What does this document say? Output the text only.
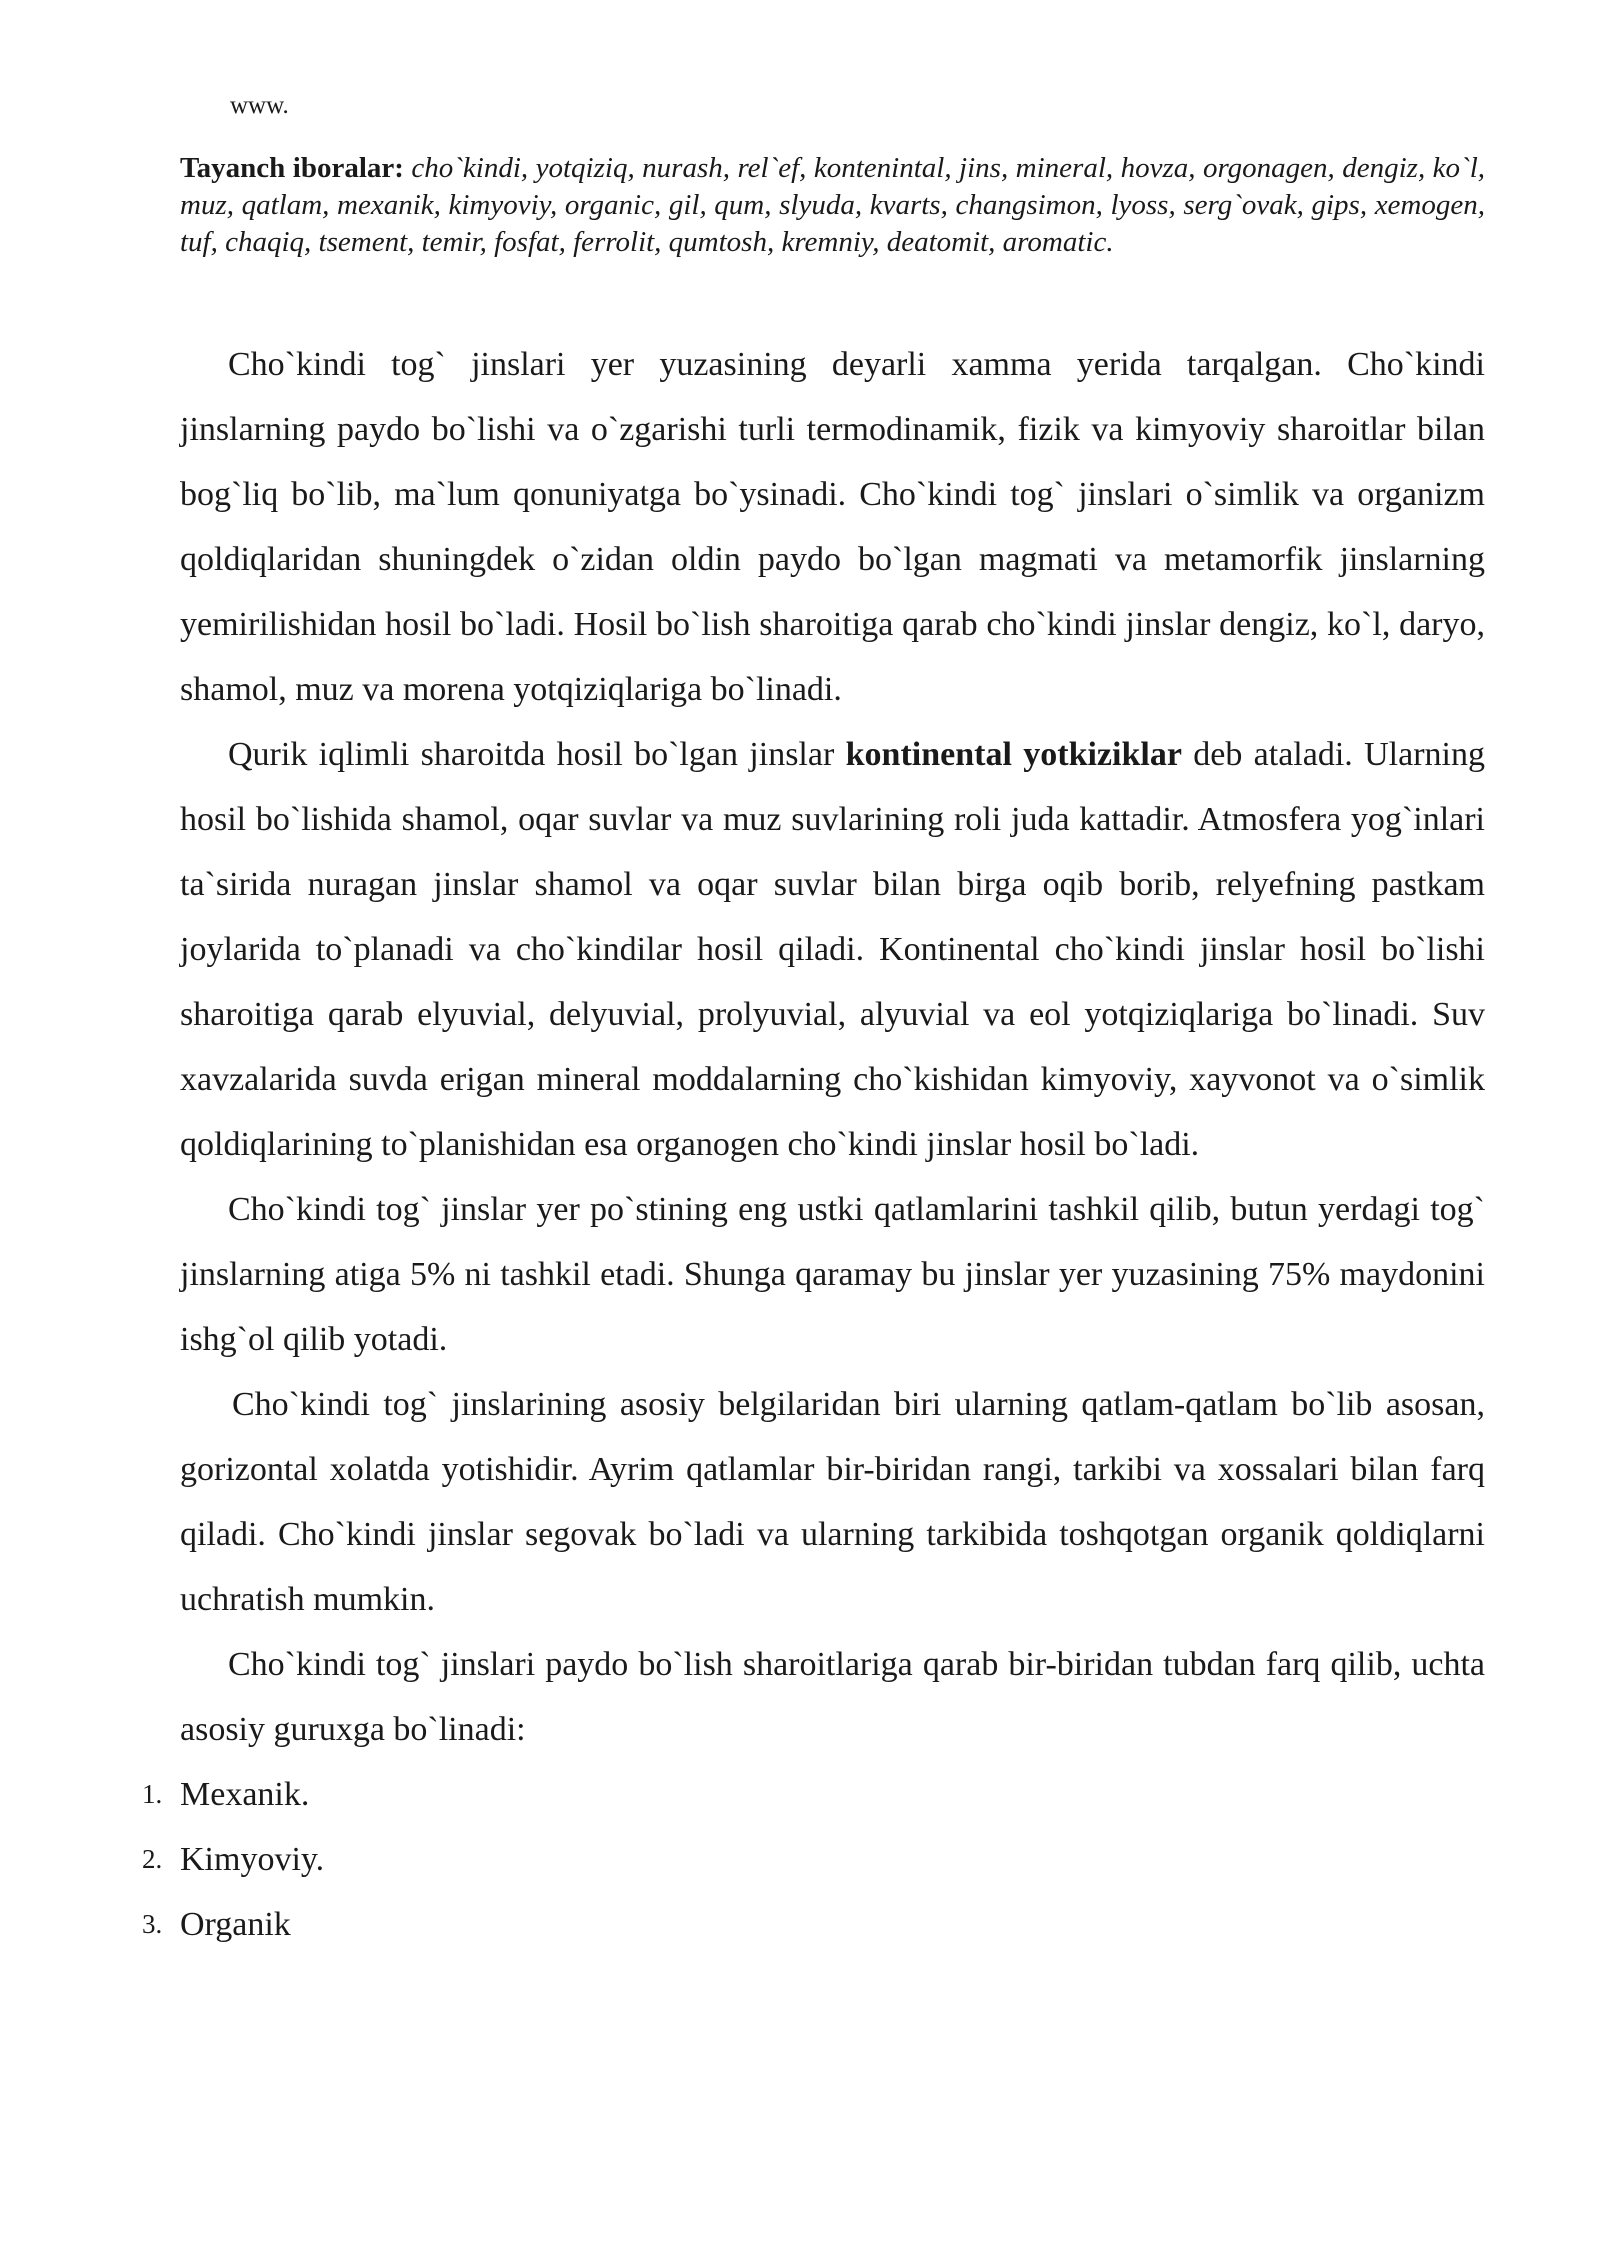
www.

Tayanch iboralar: cho`kindi, yotqiziq, nurash, rel`ef, kontenintal, jins, mineral, hovza, orgonagen, dengiz, ko`l, muz, qatlam, mexanik, kimyoviy, organic, gil, qum, slyuda, kvarts, changsimon, lyoss, serg`ovak, gips, xemogen, tuf, chaqiq, tsement, temir, fosfat, ferrolit, qumtosh, kremniy, deatomit, aromatic.

Cho`kindi tog` jinslari yer yuzasining deyarli xamma yerida tarqalgan. Cho`kindi jinslarning paydo bo`lishi va o`zgarishi turli termodinamik, fizik va kimyoviy sharoitlar bilan bog`liq bo`lib, ma`lum qonuniyatga bo`ysinadi. Cho`kindi tog` jinslari o`simlik va organizm qoldiqlaridan shuningdek o`zidan oldin paydo bo`lgan magmati va metamorfik jinslarning yemirilishidan hosil bo`ladi. Hosil bo`lish sharoitiga qarab cho`kindi jinslar dengiz, ko`l, daryo, shamol, muz va morena yotqiziqlariga bo`linadi.

Qurik iqlimli sharoitda hosil bo`lgan jinslar kontinental yotkiziklar deb ataladi. Ularning hosil bo`lishida shamol, oqar suvlar va muz suvlarining roli juda kattadir. Atmosfera yog`inlari ta`sirida nuragan jinslar shamol va oqar suvlar bilan birga oqib borib, relyefning pastkam joylarida to`planadi va cho`kindilar hosil qiladi. Kontinental cho`kindi jinslar hosil bo`lishi sharoitiga qarab elyuvial, delyuvial, prolyuvial, alyuvial va eol yotqiziqlariga bo`linadi. Suv xavzalarida suvda erigan mineral moddalarning cho`kishidan kimyoviy, xayvonot va o`simlik qoldiqlarining to`planishidan esa organogen cho`kindi jinslar hosil bo`ladi.

Cho`kindi tog` jinslar yer po`stining eng ustki qatlamlarini tashkil qilib, butun yerdagi tog` jinslarning atiga 5% ni tashkil etadi. Shunga qaramay bu jinslar yer yuzasining 75% maydonini ishg`ol qilib yotadi.

Cho`kindi tog` jinslarining asosiy belgilaridan biri ularning qatlam-qatlam bo`lib asosan, gorizontal xolatda yotishidir. Ayrim qatlamlar bir-biridan rangi, tarkibi va xossalari bilan farq qiladi. Cho`kindi jinslar segovak bo`ladi va ularning tarkibida toshqotgan organik qoldiqlarni uchratish mumkin.

Cho`kindi tog` jinslari paydo bo`lish sharoitlariga qarab bir-biridan tubdan farq qilib, uchta asosiy guruxga bo`linadi:

1. Mexanik.
2. Kimyoviy.
3. Organik
